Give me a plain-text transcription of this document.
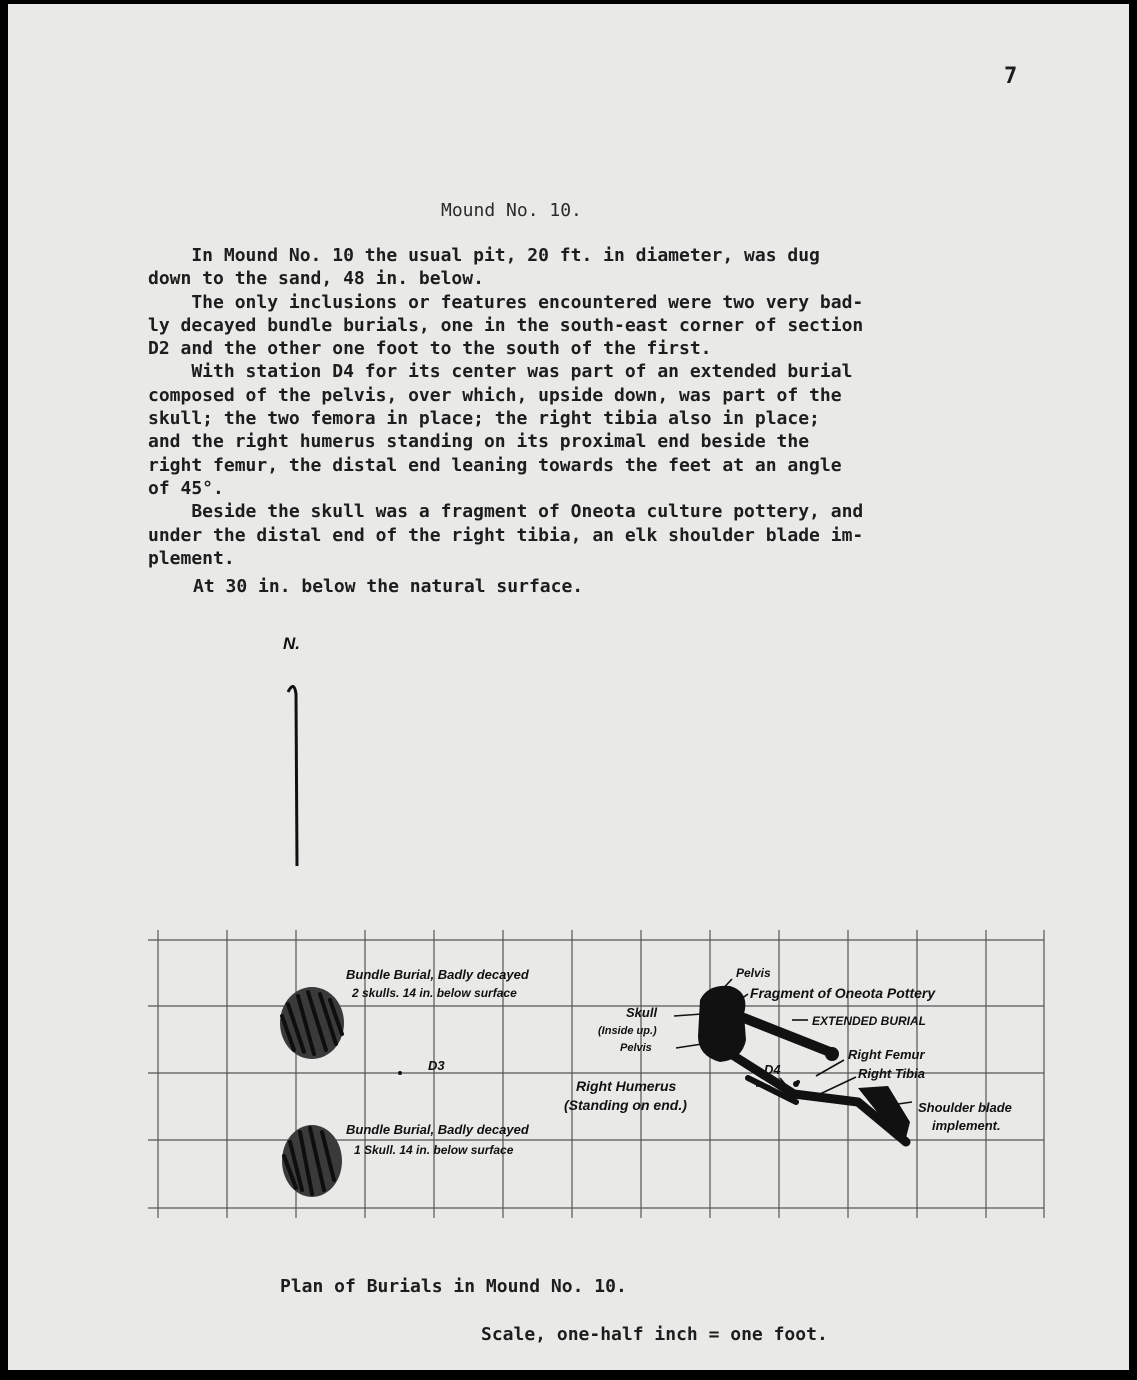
7
Mound No. 10.
In Mound No. 10 the usual pit, 20 ft. in diameter, was dug
down to the sand, 48 in. below.
The only inclusions or features encountered were two very bad-
ly decayed bundle burials, one in the south-east corner of section
D2 and the other one foot to the south of the first.
With station D4 for its center was part of an extended burial
composed of the pelvis, over which, upside down, was part of the
skull; the two femora in place; the right tibia also in place;
and the right humerus standing on its proximal end beside the
right femur, the distal end leaning towards the feet at an angle
of 45°.
Beside the skull was a fragment of Oneota culture pottery, and
under the distal end of the right tibia, an elk shoulder blade im-
plement.
At 30 in. below the natural surface.
N.
Bundle Burial, Badly decayed
2 skulls. 14 in. below surface
Bundle Burial, Badly decayed
1 Skull. 14 in. below surface
D3	D4
Pelvis
Fragment of Oneota Pottery
Skull
(Inside up.)
Pelvis
EXTENDED BURIAL
Right Femur
Right Tibia
Right Humerus
(Standing on end.)	Shoulder blade
implement.
Plan of Burials in Mound No. 10.
Scale, one-half inch = one foot.
